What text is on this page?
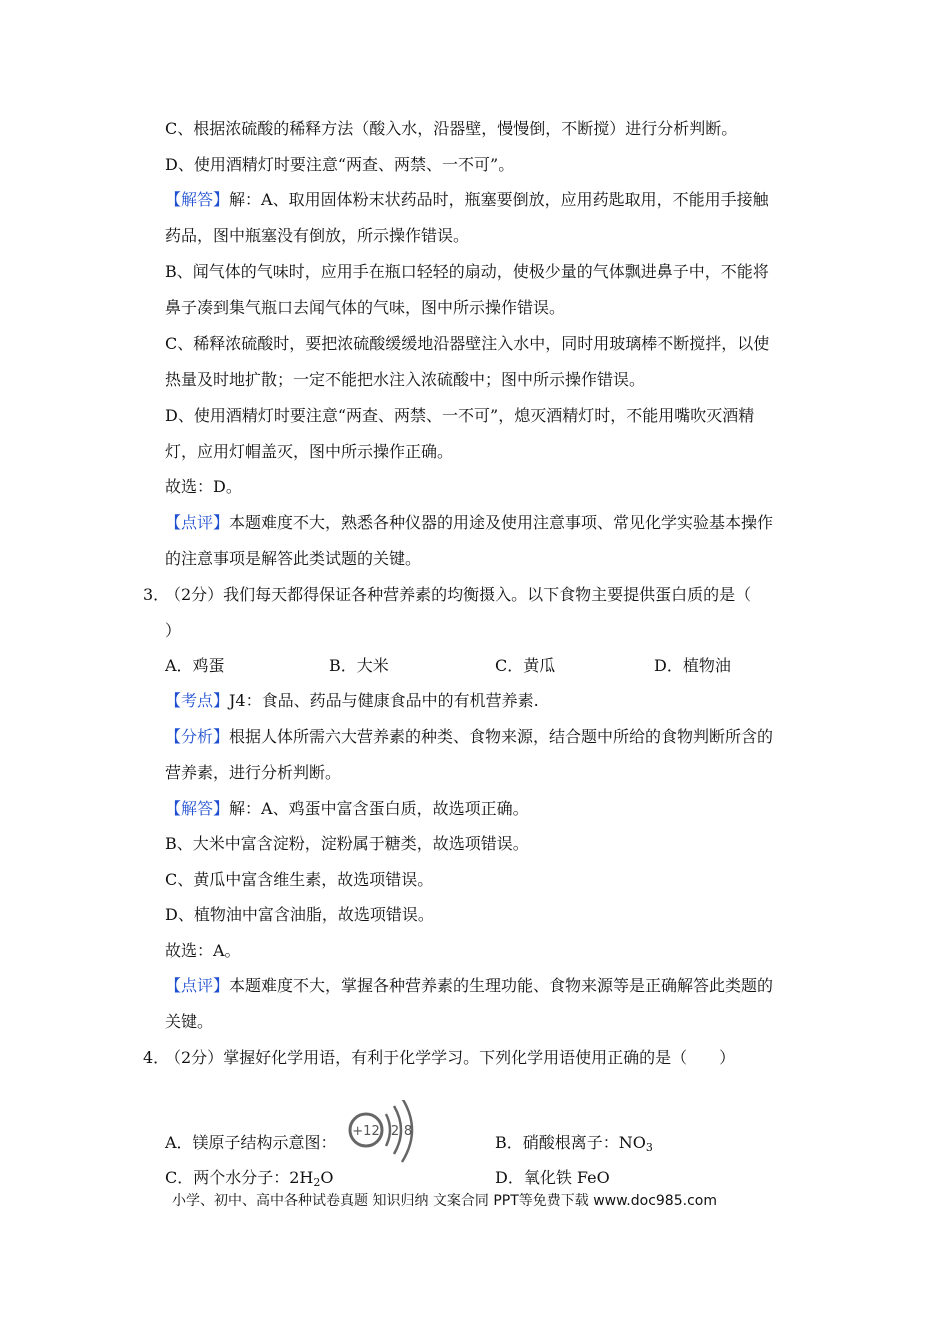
C、根据浓硫酸的稀释方法（酸入水，沿器壁，慢慢倒，不断搅）进行分析判断。
D、使用酒精灯时要注意“两查、两禁、一不可”。
【解答】解：A、取用固体粉末状药品时，瓶塞要倒放，应用药匙取用，不能用手接触
药品，图中瓶塞没有倒放，所示操作错误。
B、闻气体的气味时，应用手在瓶口轻轻的扇动，使极少量的气体飘进鼻子中，不能将
鼻子凑到集气瓶口去闻气体的气味，图中所示操作错误。
C、稀释浓硫酸时，要把浓硫酸缓缓地沿器壁注入水中，同时用玻璃棒不断搅拌，以使
热量及时地扩散；一定不能把水注入浓硫酸中；图中所示操作错误。
D、使用酒精灯时要注意“两查、两禁、一不可”，熄灭酒精灯时，不能用嘴吹灭酒精
灯，应用灯帽盖灭，图中所示操作正确。
故选：D。
【点评】本题难度不大，熟悉各种仪器的用途及使用注意事项、常见化学实验基本操作
的注意事项是解答此类试题的关键。
（2分）我们每天都得保证各种营养素的均衡摄入。以下食物主要提供蛋白质的是（
）
【考点】J4：食品、药品与健康食品中的有机营养素.
【分析】根据人体所需六大营养素的种类、食物来源，结合题中所给的食物判断所含的
营养素，进行分析判断。
【解答】解：A、鸡蛋中富含蛋白质，故选项正确。
B、大米中富含淀粉，淀粉属于糖类，故选项错误。
C、黄瓜中富含维生素，故选项错误。
D、植物油中富含油脂，故选项错误。
故选：A。
【点评】本题难度不大，掌握各种营养素的生理功能、食物来源等是正确解答此类题的
关键。
（2分）掌握好化学用语，有利于化学学习。下列化学用语使用正确的是（　　）
3．
A．鸡蛋	B．大米	C．黄瓜	D．植物油
4．
A．镁原子结构示意图：
+12 2 8
B．硝酸根离子：$NO_3$
C．两个水分子：$2H_2O$	D．氧化铁 FeO
小学、初中、高中各种试卷真题 知识归纳 文案合同 PPT等免费下载 www.doc985.com
